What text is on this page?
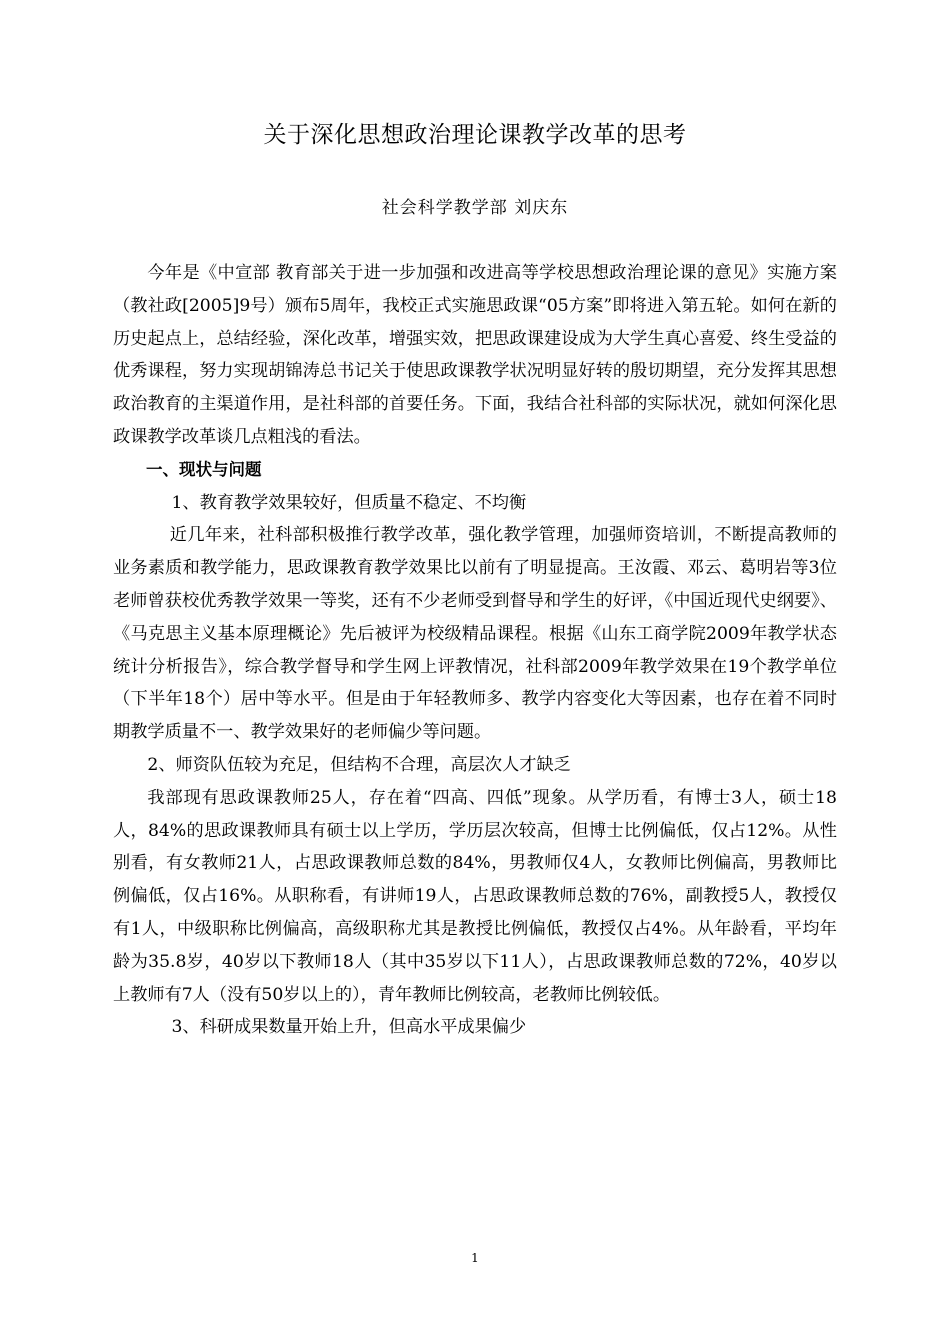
关于深化思想政治理论课教学改革的思考
社会科学教学部 刘庆东

今年是《中宣部 教育部关于进一步加强和改进高等学校思想政治理论课的意见》实施方案（教社政[2005]9号）颁布5周年，我校正式实施思政课“05方案”即将进入第五轮。如何在新的历史起点上，总结经验，深化改革，增强实效，把思政课建设成为大学生真心喜爱、终生受益的优秀课程，努力实现胡锦涛总书记关于使思政课教学状况明显好转的殷切期望，充分发挥其思想政治教育的主渠道作用，是社科部的首要任务。下面，我结合社科部的实际状况，就如何深化思政课教学改革谈几点粗浅的看法。

一、现状与问题

1、教育教学效果较好，但质量不稳定、不均衡

近几年来，社科部积极推行教学改革，强化教学管理，加强师资培训，不断提高教师的业务素质和教学能力，思政课教育教学效果比以前有了明显提高。王汝霞、邓云、葛明岩等3位老师曾获校优秀教学效果一等奖，还有不少老师受到督导和学生的好评，《中国近现代史纲要》、《马克思主义基本原理概论》先后被评为校级精品课程。根据《山东工商学院2009年教学状态统计分析报告》，综合教学督导和学生网上评教情况，社科部2009年教学效果在19个教学单位（下半年18个）居中等水平。但是由于年轻教师多、教学内容变化大等因素，也存在着不同时期教学质量不一、教学效果好的老师偏少等问题。

2、师资队伍较为充足，但结构不合理，高层次人才缺乏

我部现有思政课教师25人，存在着“四高、四低”现象。从学历看，有博士3人，硕士18人，84%的思政课教师具有硕士以上学历，学历层次较高，但博士比例偏低，仅占12%。从性别看，有女教师21人，占思政课教师总数的84%，男教师仅4人，女教师比例偏高，男教师比例偏低，仅占16%。从职称看，有讲师19人，占思政课教师总数的76%，副教授5人，教授仅有1人，中级职称比例偏高，高级职称尤其是教授比例偏低，教授仅占4%。从年龄看，平均年龄为35.8岁，40岁以下教师18人（其中35岁以下11人），占思政课教师总数的72%，40岁以上教师有7人（没有50岁以上的），青年教师比例较高，老教师比例较低。

3、科研成果数量开始上升，但高水平成果偏少

1
